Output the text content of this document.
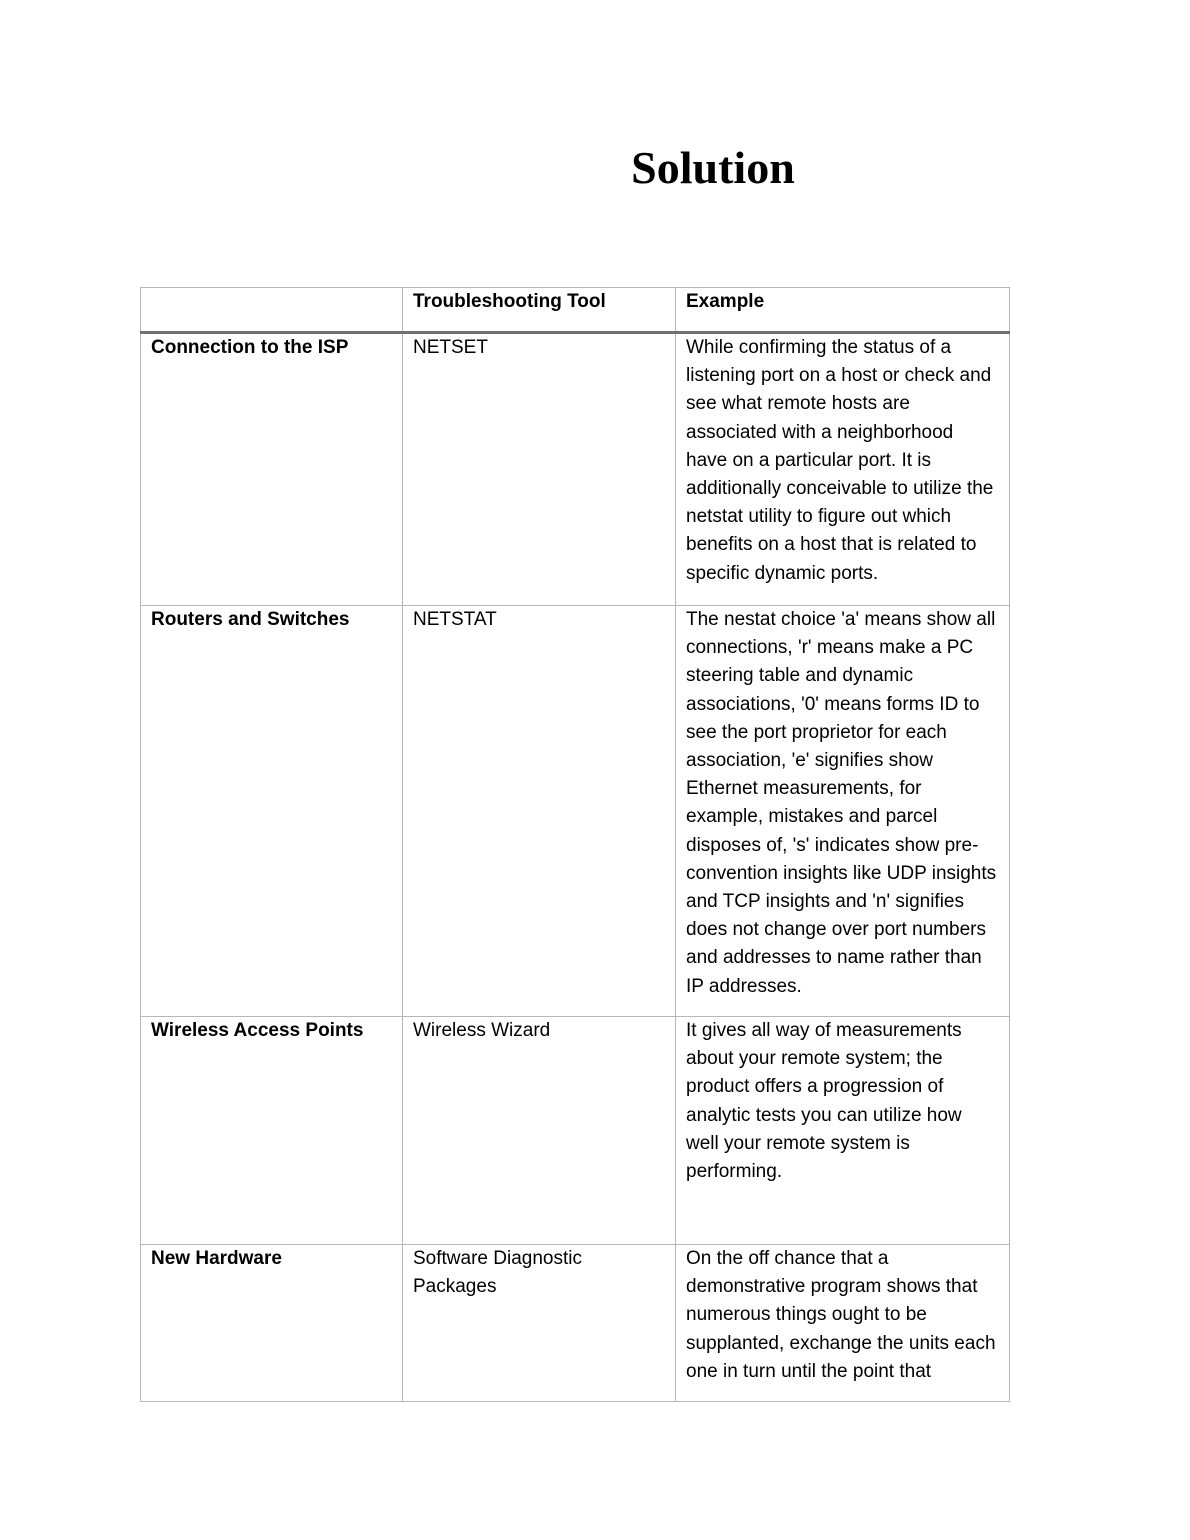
Solution

	Troubleshooting Tool	Example

Connection to the ISP	NETSET	While confirming the status of a listening port on a host or check and see what remote hosts are associated with a neighborhood have on a particular port. It is additionally conceivable to utilize the netstat utility to figure out which benefits on a host that is related to specific dynamic ports.
Routers and Switches	NETSTAT	The nestat choice 'a' means show all connections, 'r' means make a PC steering table and dynamic associations, '0' means forms ID to see the port proprietor for each association, 'e' signifies show Ethernet measurements, for example, mistakes and parcel disposes of, 's' indicates show pre-convention insights like UDP insights and TCP insights and 'n' signifies does not change over port numbers and addresses to name rather than IP addresses.
Wireless Access Points	Wireless Wizard	It gives all way of measurements about your remote system; the product offers a progression of analytic tests you can utilize how well your remote system is performing.
New Hardware	Software Diagnostic Packages	On the off chance that a demonstrative program shows that numerous things ought to be supplanted, exchange the units each one in turn until the point that
